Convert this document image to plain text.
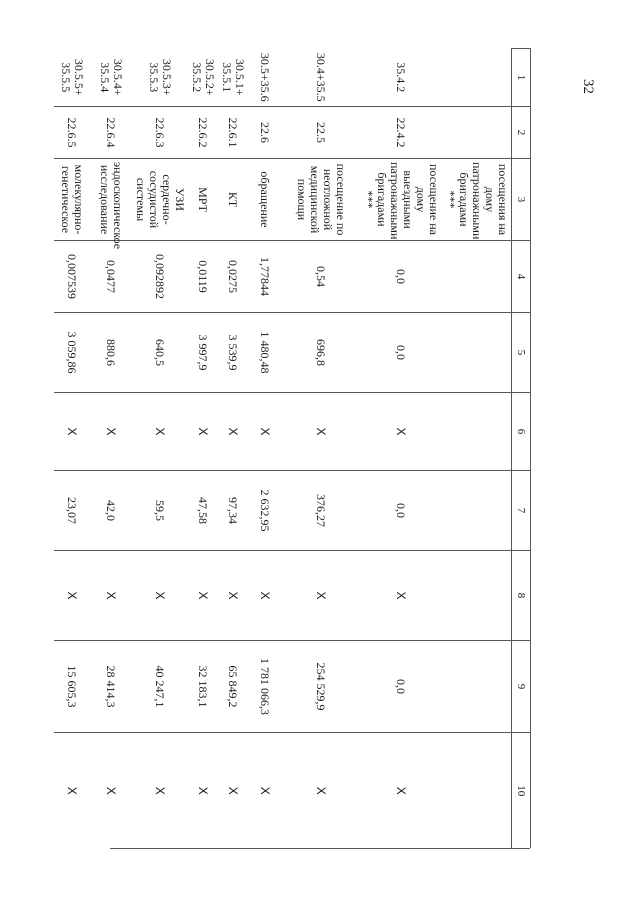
32
1	2	3	4	5	6	7	8	9	10
		посещения на дому патронажными бригадами ***							
35.4.2	22.4.2	посещение на дому выездными патронажными бригадами ***	0,0	0,0	X	0,0	X	0,0	X
30.4+35.5	22.5	посещение по неотложной медицинской помощи	0,54	696,8	X	376,27	X	254 529,9	X
30.5+35.6	22.6	обращение	1,77844	1 480,48	X	2 632,95	X	1 781 066,3	X
30.5.1+ 35.5.1	22.6.1	КТ	0,0275	3 539,9	X	97,34	X	65 849,2	X
30.5.2+ 35.5.2	22.6.2	МРТ	0,0119	3 997,9	X	47,58	X	32 183,1	X
30.5.3+ 35.5.3	22.6.3	УЗИ сердечно-сосудистой системы	0,092892	640,5	X	59,5	X	40 247,1	X
30.5.4+ 35.5.4	22.6.4	эндоскопическое исследование	0,0477	880,6	X	42,0	X	28 414,3	X
30.5.5+ 35.5.5	22.6.5	молекулярно-генетическое	0,007539	3 059,86	X	23,07	X	15 605,3	X
